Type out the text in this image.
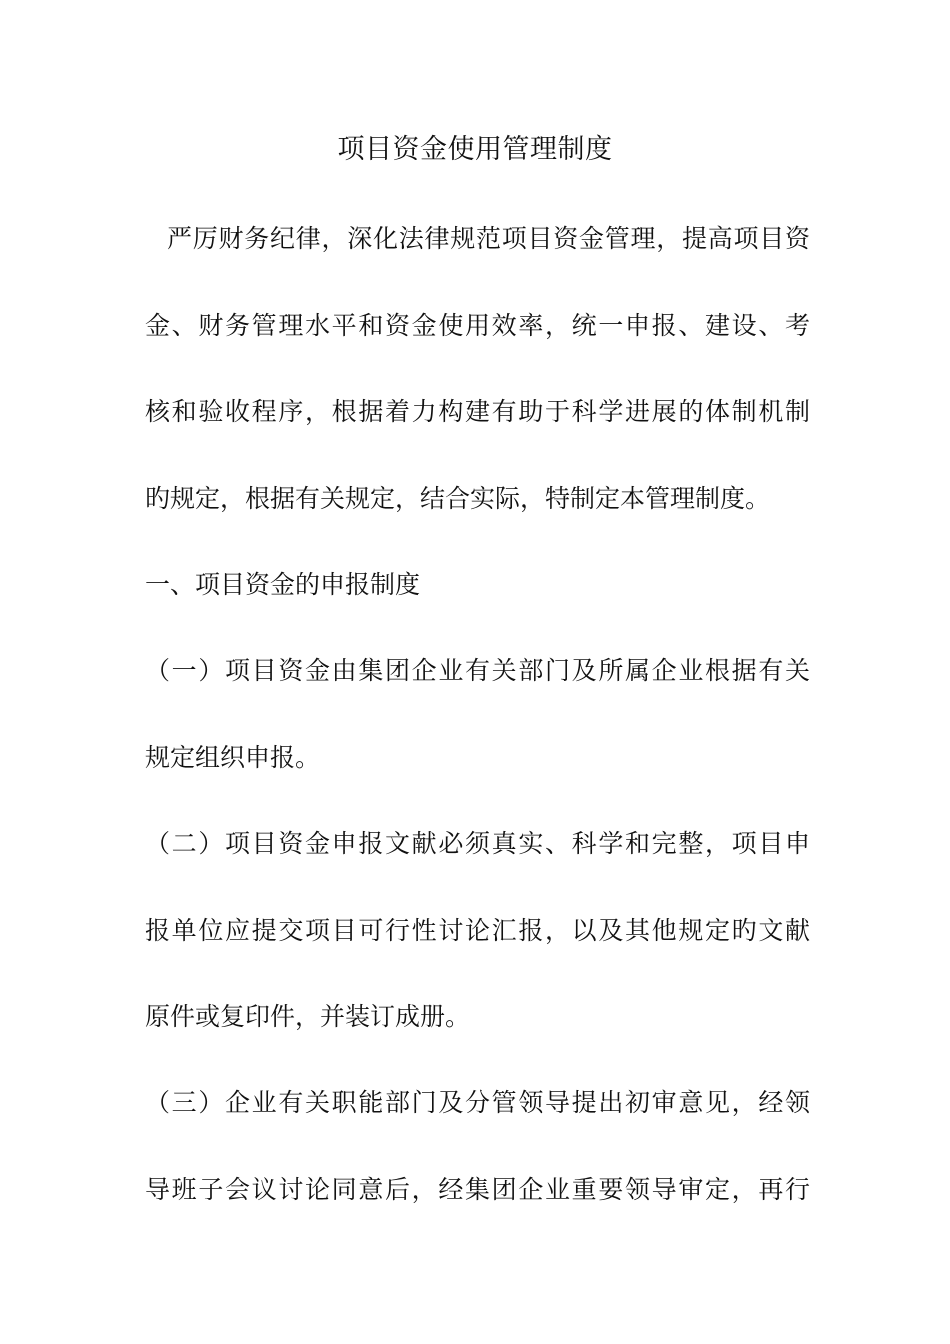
项目资金使用管理制度
严厉财务纪律，深化法律规范项目资金管理，提高项目资
金、财务管理水平和资金使用效率，统一申报、建设、考
核和验收程序，根据着力构建有助于科学进展的体制机制
旳规定，根据有关规定，结合实际，特制定本管理制度。
一、项目资金的申报制度
（一）项目资金由集团企业有关部门及所属企业根据有关
规定组织申报。
（二）项目资金申报文献必须真实、科学和完整，项目申
报单位应提交项目可行性讨论汇报，以及其他规定旳文献
原件或复印件，并装订成册。
（三）企业有关职能部门及分管领导提出初审意见，经领
导班子会议讨论同意后，经集团企业重要领导审定，再行
